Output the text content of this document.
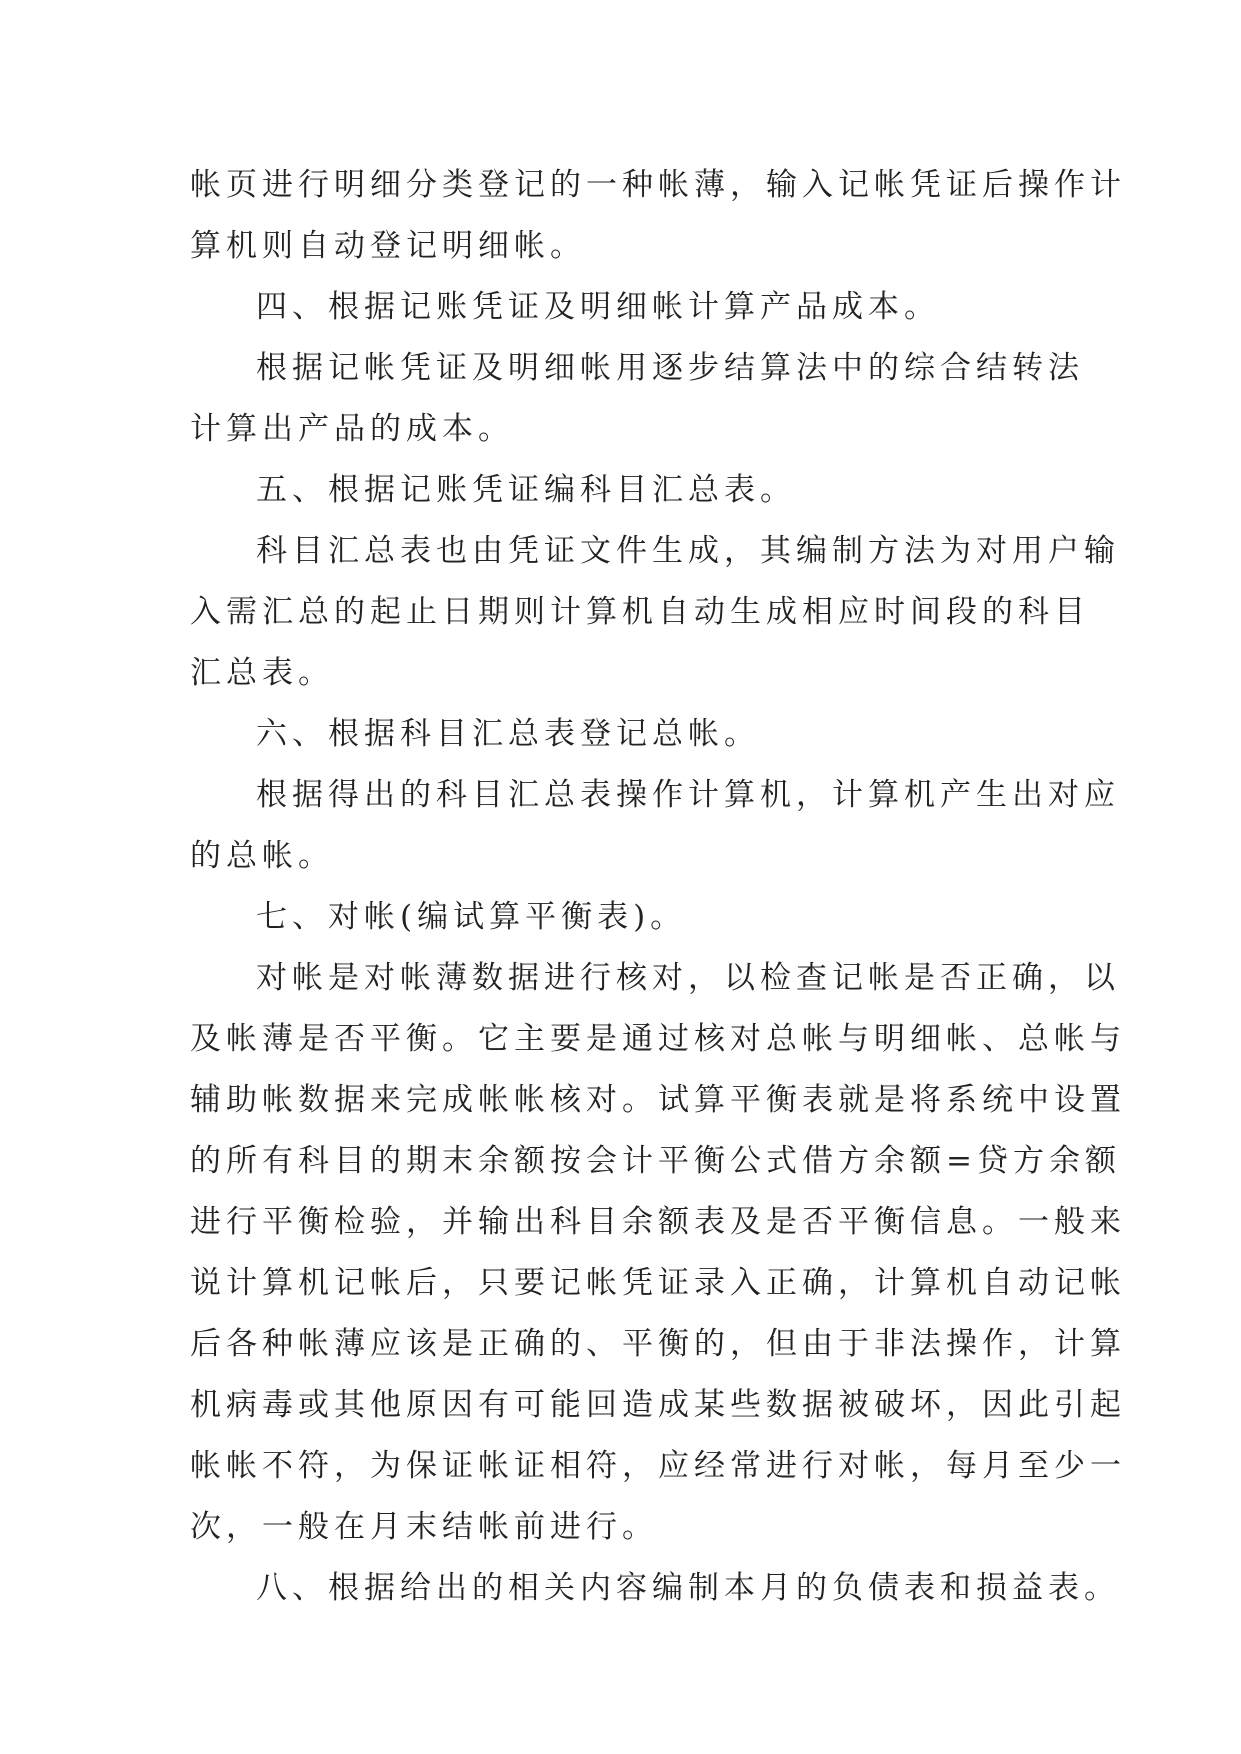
帐页进行明细分类登记的一种帐薄，输入记帐凭证后操作计
算机则自动登记明细帐。
四、根据记账凭证及明细帐计算产品成本。
根据记帐凭证及明细帐用逐步结算法中的综合结转法
计算出产品的成本。
五、根据记账凭证编科目汇总表。
科目汇总表也由凭证文件生成，其编制方法为对用户输
入需汇总的起止日期则计算机自动生成相应时间段的科目
汇总表。
六、根据科目汇总表登记总帐。
根据得出的科目汇总表操作计算机，计算机产生出对应
的总帐。
七、对帐(编试算平衡表)。
对帐是对帐薄数据进行核对，以检查记帐是否正确，以
及帐薄是否平衡。它主要是通过核对总帐与明细帐、总帐与
辅助帐数据来完成帐帐核对。试算平衡表就是将系统中设置
的所有科目的期末余额按会计平衡公式借方余额=贷方余额
进行平衡检验，并输出科目余额表及是否平衡信息。一般来
说计算机记帐后，只要记帐凭证录入正确，计算机自动记帐
后各种帐薄应该是正确的、平衡的，但由于非法操作，计算
机病毒或其他原因有可能回造成某些数据被破坏，因此引起
帐帐不符，为保证帐证相符，应经常进行对帐，每月至少一
次，一般在月末结帐前进行。
八、根据给出的相关内容编制本月的负债表和损益表。
